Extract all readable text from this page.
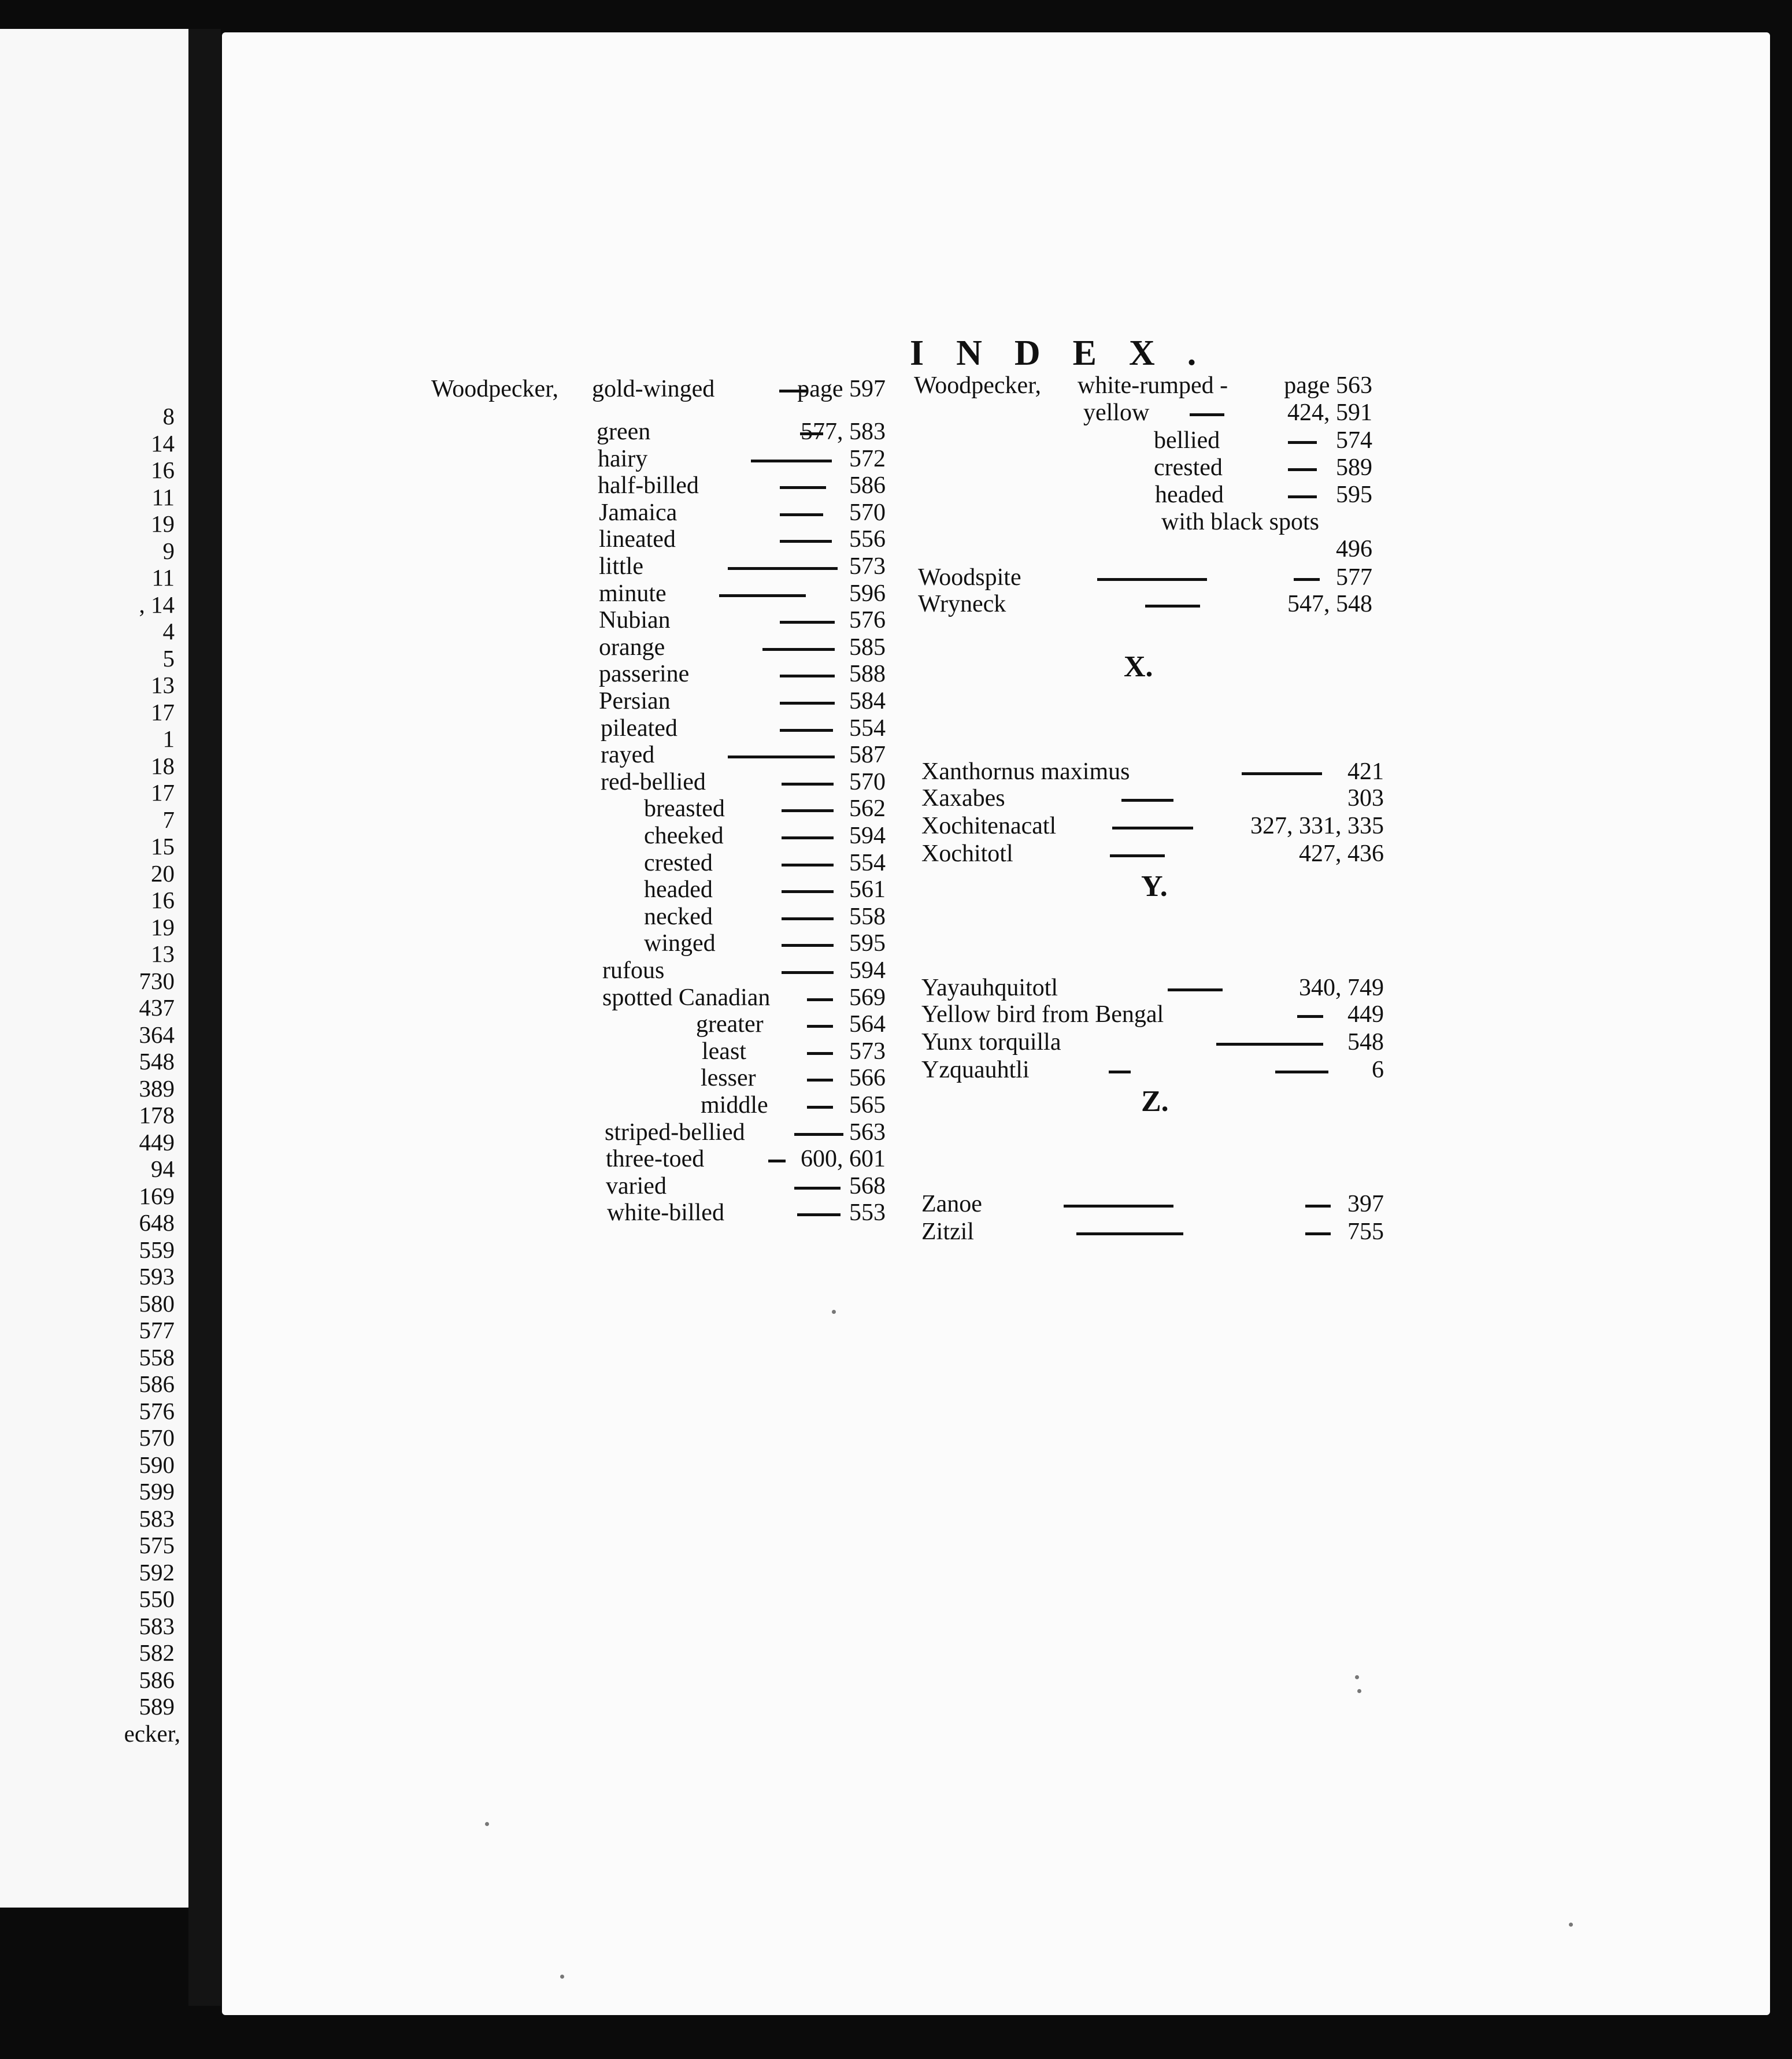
8
14
16
11
19
9
11
, 14
4
5
13
17
1
18
17
7
15
20
16
19
13
730
437
364
548
389
178
449
94
169
648
559
593
580
577
558
586
576
570
590
599
583
575
592
550
583
582
586
589
ecker,
INDEX.
Woodpecker, gold-winged	page 597
green	577, 583
hairy	572
half-billed	586
Jamaica	570
lineated	556
little	573
minute	596
Nubian	576
orange	585
passerine	588
Persian	584
pileated	554
rayed	587
red-bellied	570
breasted	562
cheeked	594
crested	554
headed	561
necked	558
winged	595
rufous	594
spotted Canadian	569
greater	564
least	573
lesser	566
middle	565
striped-bellied	563
three-toed	600, 601
varied	568
white-billed	553
Woodpecker, white-rumped - page 563
yellow	424, 591
bellied	574
crested	589
headed	595
with black spots
496
Woodspite	577
Wryneck	547, 548
X.
Y.
Z.
Xanthornus maximus	421
Xaxabes	303
Xochitenacatl	327, 331, 335
Xochitotl	427, 436
Yayauhquitotl	340, 749
Yellow bird from Bengal	449
Yunx torquilla	548
Yzquauhtli	6
Zanoe	397
Zitzil	755
